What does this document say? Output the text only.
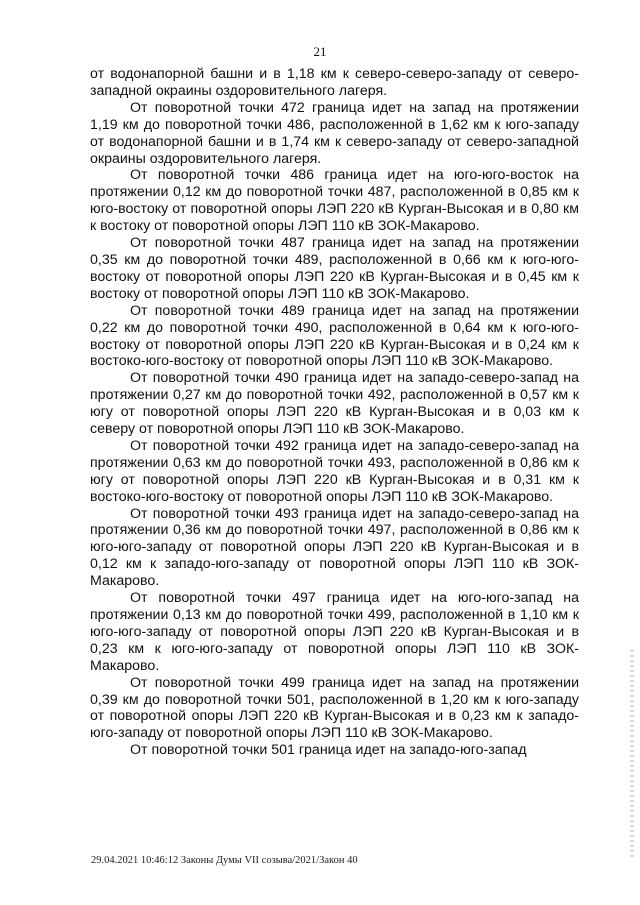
21

от водонапорной башни и в 1,18 км к северо-северо-западу от северо-западной окраины оздоровительного лагеря.

От поворотной точки 472 граница идет на запад на протяжении 1,19 км до поворотной точки 486, расположенной в 1,62 км к юго-западу от водонапорной башни и в 1,74 км к северо-западу от северо-западной окраины оздоровительного лагеря.

От поворотной точки 486 граница идет на юго-юго-восток на протяжении 0,12 км до поворотной точки 487, расположенной в 0,85 км к юго-востоку от поворотной опоры ЛЭП 220 кВ Курган-Высокая и в 0,80 км к востоку от поворотной опоры ЛЭП 110 кВ ЗОК-Макарово.

От поворотной точки 487 граница идет на запад на протяжении 0,35 км до поворотной точки 489, расположенной в 0,66 км к юго-юго-востоку от поворотной опоры ЛЭП 220 кВ Курган-Высокая и в 0,45 км к востоку от поворотной опоры ЛЭП 110 кВ ЗОК-Макарово.

От поворотной точки 489 граница идет на запад на протяжении 0,22 км до поворотной точки 490, расположенной в 0,64 км к юго-юго-востоку от поворотной опоры ЛЭП 220 кВ Курган-Высокая и в 0,24 км к востоко-юго-востоку от поворотной опоры ЛЭП 110 кВ ЗОК-Макарово.

От поворотной точки 490 граница идет на западо-северо-запад на протяжении 0,27 км до поворотной точки 492, расположенной в 0,57 км к югу от поворотной опоры ЛЭП 220 кВ Курган-Высокая и в 0,03 км к северу от поворотной опоры ЛЭП 110 кВ ЗОК-Макарово.

От поворотной точки 492 граница идет на западо-северо-запад на протяжении 0,63 км до поворотной точки 493, расположенной в 0,86 км к югу от поворотной опоры ЛЭП 220 кВ Курган-Высокая и в 0,31 км к востоко-юго-востоку от поворотной опоры ЛЭП 110 кВ ЗОК-Макарово.

От поворотной точки 493 граница идет на западо-северо-запад на протяжении 0,36 км до поворотной точки 497, расположенной в 0,86 км к юго-юго-западу от поворотной опоры ЛЭП 220 кВ Курган-Высокая и в 0,12 км к западо-юго-западу от поворотной опоры ЛЭП 110 кВ ЗОК-Макарово.

От поворотной точки 497 граница идет на юго-юго-запад на протяжении 0,13 км до поворотной точки 499, расположенной в 1,10 км к юго-юго-западу от поворотной опоры ЛЭП 220 кВ Курган-Высокая и в 0,23 км к юго-юго-западу от поворотной опоры ЛЭП 110 кВ ЗОК-Макарово.

От поворотной точки 499 граница идет на запад на протяжении 0,39 км до поворотной точки 501, расположенной в 1,20 км к юго-западу от поворотной опоры ЛЭП 220 кВ Курган-Высокая и в 0,23 км к западо-юго-западу от поворотной опоры ЛЭП 110 кВ ЗОК-Макарово.

От поворотной точки 501 граница идет на западо-юго-запад

29.04.2021 10:46:12 Законы Думы VII созыва/2021/Закон 40
